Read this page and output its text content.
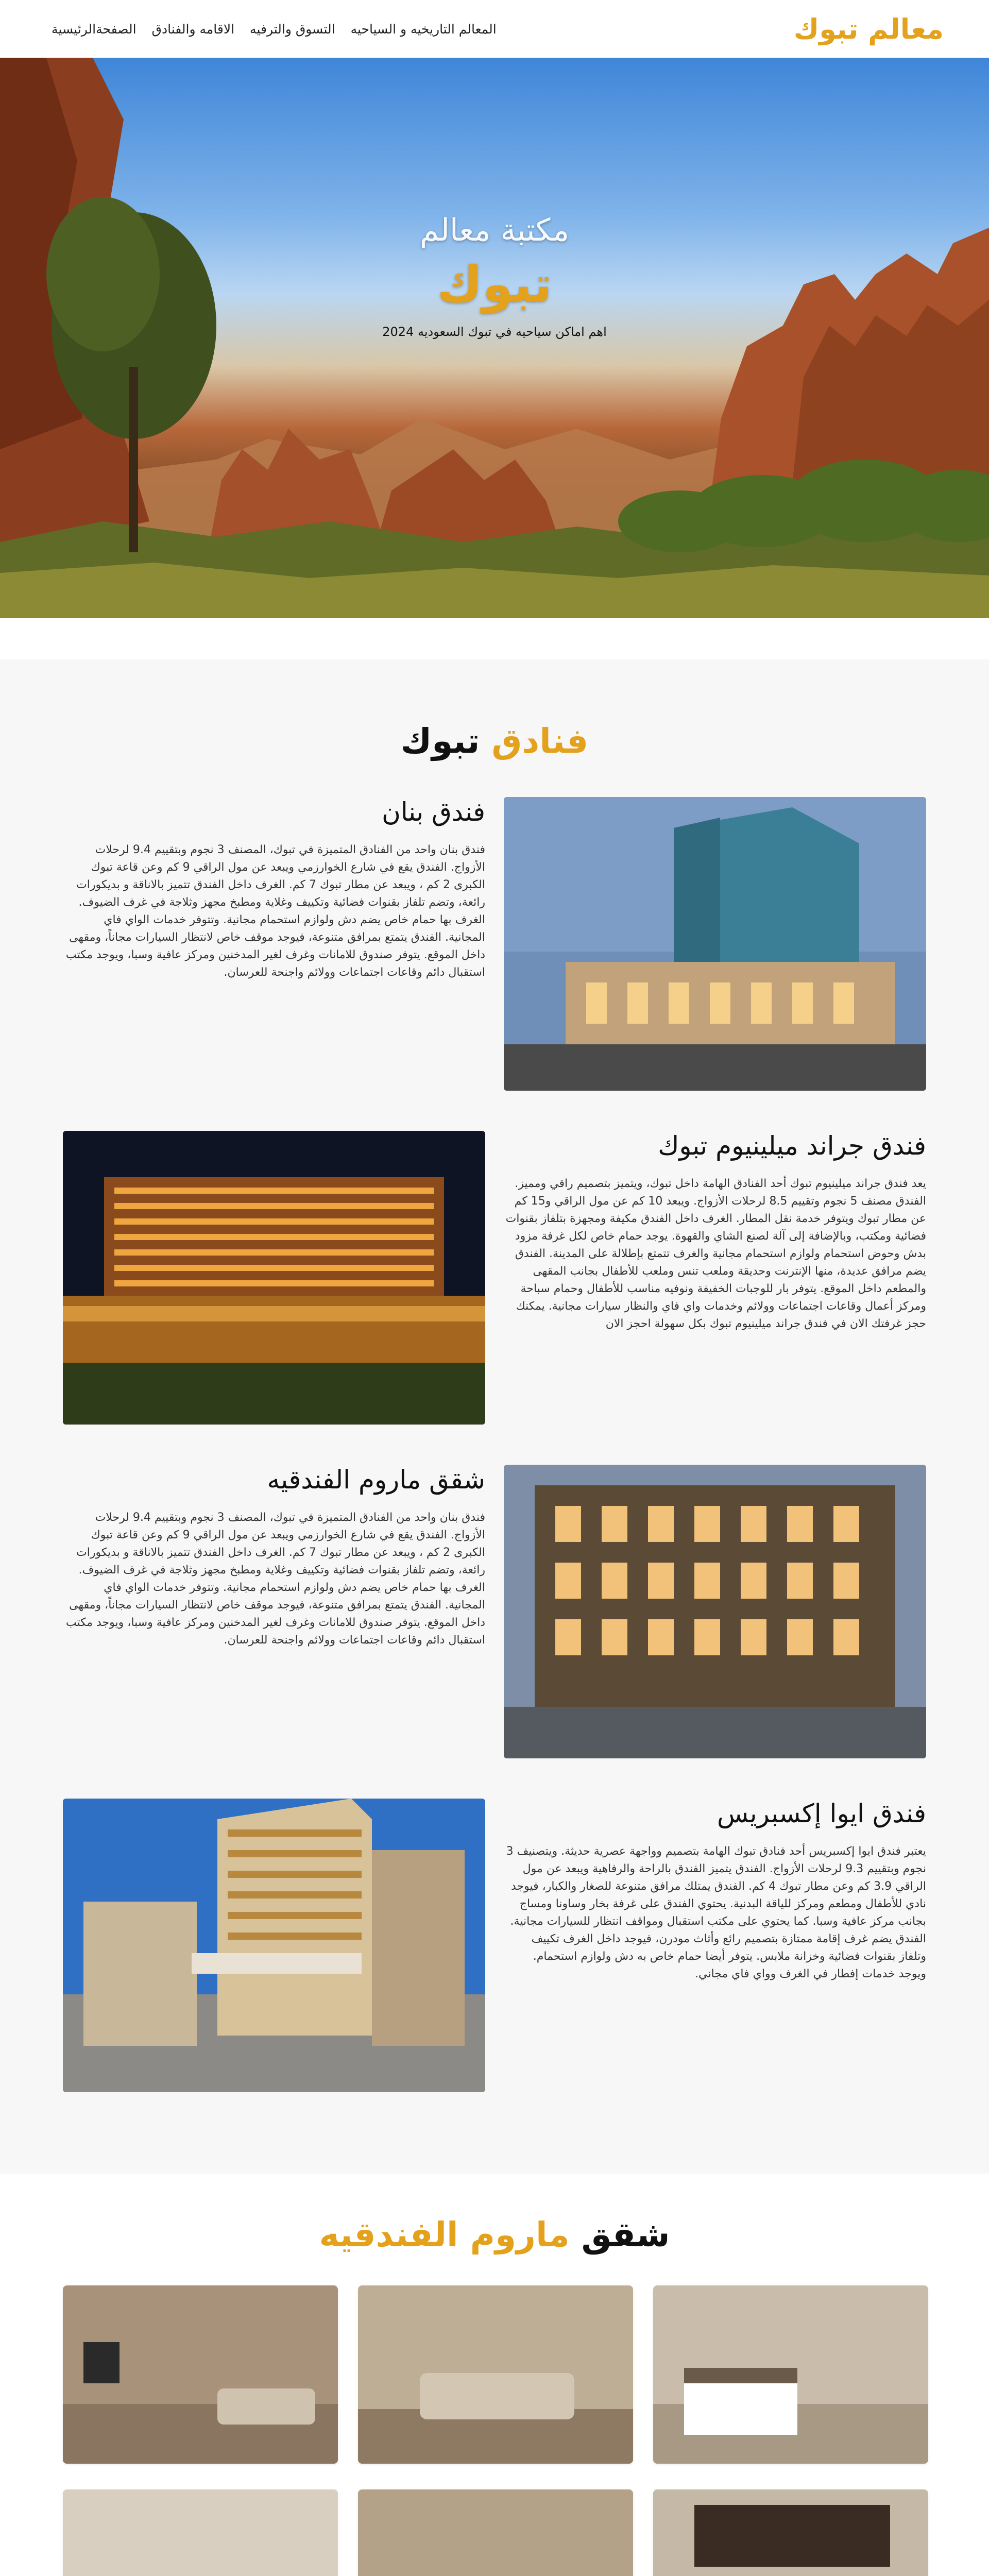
الصفحةالرئيسية الاقامه والفنادق التسوق والترفيه المعالم التاريخيه و السياحيه	معالم تبوك
مكتبة معالم
تبوك
اهم اماكن سياحيه في تبوك السعوديه 2024
فنادق تبوك
فندق بنان

فندق بنان واحد من الفنادق المتميزة في تبوك، المصنف 3 نجوم وبتقييم 9.4 لرحلات الأزواج. الفندق يقع في شارع الخوارزمي ويبعد عن مول الراقي 9 كم وعن قاعة تبوك الكبرى 2 كم ، ويبعد عن مطار تبوك 7 كم. الغرف داخل الفندق تتميز بالاناقة و بديكورات رائعة، وتضم تلفاز بقنوات فضائية وتكييف وغلاية ومطبخ مجهز وثلاجة في غرف الضيوف. الغرف بها حمام خاص يضم دش ولوازم استحمام مجانية. وتتوفر خدمات الواي فاي المجانية. الفندق يتمتع بمرافق متنوعة، فيوجد موقف خاص لانتظار السيارات مجاناً، ومقهى داخل الموقع. يتوفر صندوق للامانات وغرف لغير المدخنين ومركز عافية وسبا، ويوجد مكتب استقبال دائم وقاعات اجتماعات وولائم واجنحة للعرسان.

فندق جراند ميلينيوم تبوك

يعد فندق جراند ميلينيوم تبوك أحد الفنادق الهامة داخل تبوك، ويتميز بتصميم راقي ومميز. الفندق مصنف 5 نجوم وتقييم 8.5 لرحلات الأزواج. ويبعد 10 كم عن مول الراقي و15 كم عن مطار تبوك ويتوفر خدمة نقل المطار. الغرف داخل الفندق مكيفة ومجهزة بتلفاز بقنوات فضائية ومكتب، وبالإضافة إلى آلة لصنع الشاي والقهوة. يوجد حمام خاص لكل غرفة مزود بدش وحوض استحمام ولوازم استحمام مجانية والغرف تتمتع بإطلالة على المدينة. الفندق يضم مرافق عديدة، منها الإنترنت وحديقة وملعب تنس وملعب للأطفال بجانب المقهى والمطعم داخل الموقع. يتوفر بار للوجبات الخفيفة ونوفيه مناسب للأطفال وحمام سباحة ومركز أعمال وقاعات اجتماعات وولائم وخدمات واي فاي والنظار سيارات مجانية. يمكنك حجز غرفتك الان في فندق جراند ميلينيوم تبوك بكل سهولة احجز الان

شقق ماروم الفندقيه

فندق بنان واحد من الفنادق المتميزة في تبوك، المصنف 3 نجوم وبتقييم 9.4 لرحلات الأزواج. الفندق يقع في شارع الخوارزمي ويبعد عن مول الراقي 9 كم وعن قاعة تبوك الكبرى 2 كم ، ويبعد عن مطار تبوك 7 كم. الغرف داخل الفندق تتميز بالاناقة و بديكورات رائعة، وتضم تلفاز بقنوات فضائية وتكييف وغلاية ومطبخ مجهز وثلاجة في غرف الضيوف. الغرف بها حمام خاص يضم دش ولوازم استحمام مجانية. وتتوفر خدمات الواي فاي المجانية. الفندق يتمتع بمرافق متنوعة، فيوجد موقف خاص لانتظار السيارات مجاناً، ومقهى داخل الموقع. يتوفر صندوق للامانات وغرف لغير المدخنين ومركز عافية وسبا، ويوجد مكتب استقبال دائم وقاعات اجتماعات وولائم واجنحة للعرسان.

فندق ايوا إكسبريس

يعتبر فندق ايوا إكسبريس أحد فنادق تبوك الهامة بتصميم وواجهة عصرية حديثة. ويتصنيف 3 نجوم وبتقييم 9.3 لرحلات الأزواج. الفندق يتميز الفندق بالراحة والرفاهية ويبعد عن مول الراقي 3.9 كم وعن مطار تبوك 4 كم. الفندق يمتلك مرافق متنوعة للصغار والكبار، فيوجد نادي للأطفال ومطعم ومركز للياقة البدنية. يحتوي الفندق على غرفة بخار وساونا ومساج بجانب مركز عافية وسبا. كما يحتوي على مكتب استقبال ومواقف انتظار للسيارات مجانية. الفندق يضم غرف إقامة ممتازة بتصميم رائع وأثاث مودرن، فيوجد داخل الغرف تكييف وتلفاز بقنوات فضائية وخزانة ملابس. يتوفر أيضا حمام خاص به دش ولوازم استحمام. ويوجد خدمات إفطار في الغرف وواي فاي مجاني.

شقق ماروم الفندقيه
